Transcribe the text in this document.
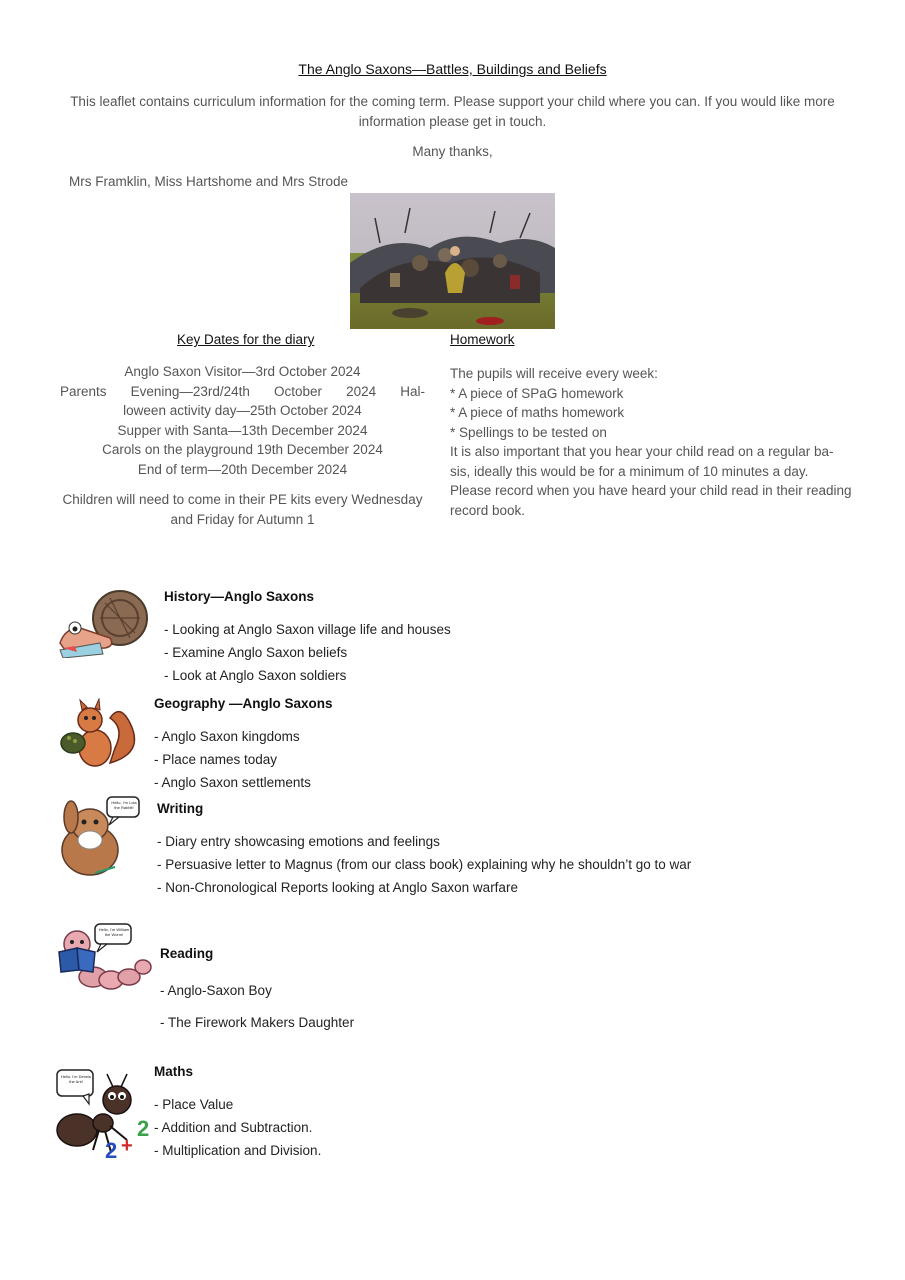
The Anglo Saxons—Battles, Buildings and Beliefs
This leaflet contains curriculum information for the coming term. Please support your child where you can. If you would like more information please get in touch.
Many thanks,
Mrs Framklin, Miss Hartshome and Mrs Strode
Key Dates for the diary
Anglo Saxon Visitor—3rd October 2024
Parents Evening—23rd/24th October 2024 Hal-
loween activity day—25th October 2024
Supper with Santa—13th December 2024
Carols on the playground 19th December 2024
End of term—20th December 2024
Children will need to come in their PE kits every Wednesday and Friday for Autumn 1
Homework
The pupils will receive every week:
* A piece of SPaG homework
* A piece of maths homework
* Spellings to be tested on
It is also important that you hear your child read on a regular ba-
sis, ideally this would be for a minimum of 10 minutes a day.
Please record when you have heard your child read in their reading
record book.
History—Anglo Saxons
- Looking at Anglo Saxon village life and houses
- Examine Anglo Saxon beliefs
- Look at Anglo Saxon soldiers
Geography —Anglo Saxons
- Anglo Saxon kingdoms
- Place names today
- Anglo Saxon settlements
Hello, I'm Lola the Rabbit!	Writing
- Diary entry showcasing emotions and feelings
- Persuasive letter to Magnus (from our class book) explaining why he shouldn’t go to war
- Non-Chronological Reports looking at Anglo Saxon warfare
Hello, I'm William the Worm!
Reading
- Anglo-Saxon Boy
- The Firework Makers Daughter
2 +
2
Hello, I'm Dennis the Ant!
Maths
- Place Value
- Addition and Subtraction.
- Multiplication and Division.
